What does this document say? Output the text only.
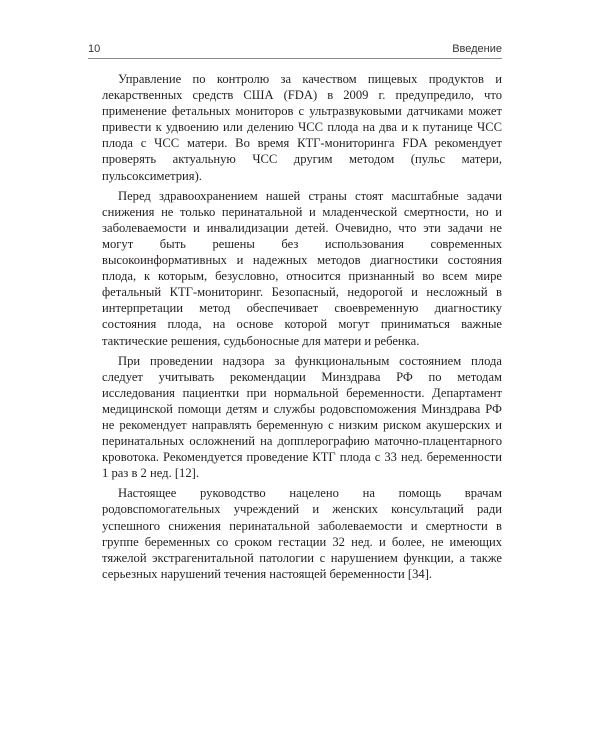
10	Введение

Управление по контролю за качеством пищевых продуктов и лекарственных средств США (FDA) в 2009 г. предупредило, что применение фетальных мониторов с ультразвуковыми датчиками может привести к удвоению или делению ЧСС плода на два и к путанице ЧСС плода с ЧСС матери. Во время КТГ-мониторинга FDA рекомендует проверять актуальную ЧСС другим методом (пульс матери, пульсоксиметрия).

Перед здравоохранением нашей страны стоят масштабные задачи снижения не только перинатальной и младенческой смертности, но и заболеваемости и инвалидизации детей. Очевидно, что эти задачи не могут быть решены без использования современных высокоинформативных и надежных методов диагностики состояния плода, к которым, безусловно, относится признанный во всем мире фетальный КТГ-мониторинг. Безопасный, недорогой и несложный в интерпретации метод обеспечивает своевременную диагностику состояния плода, на основе которой могут приниматься важные тактические решения, судьбоносные для матери и ребенка.

При проведении надзора за функциональным состоянием плода следует учитывать рекомендации Минздрава РФ по методам исследования пациентки при нормальной беременности. Департамент медицинской помощи детям и службы родовспоможения Минздрава РФ не рекомендует направлять беременную с низким риском акушерских и перинатальных осложнений на допплерографию маточно-плацентарного кровотока. Рекомендуется проведение КТГ плода с 33 нед. беременности 1 раз в 2 нед. [12].

Настоящее руководство нацелено на помощь врачам родовспомогательных учреждений и женских консультаций ради успешного снижения перинатальной заболеваемости и смертности в группе беременных со сроком гестации 32 нед. и более, не имеющих тяжелой экстрагенитальной патологии с нарушением функции, а также серьезных нарушений течения настоящей беременности [34].
